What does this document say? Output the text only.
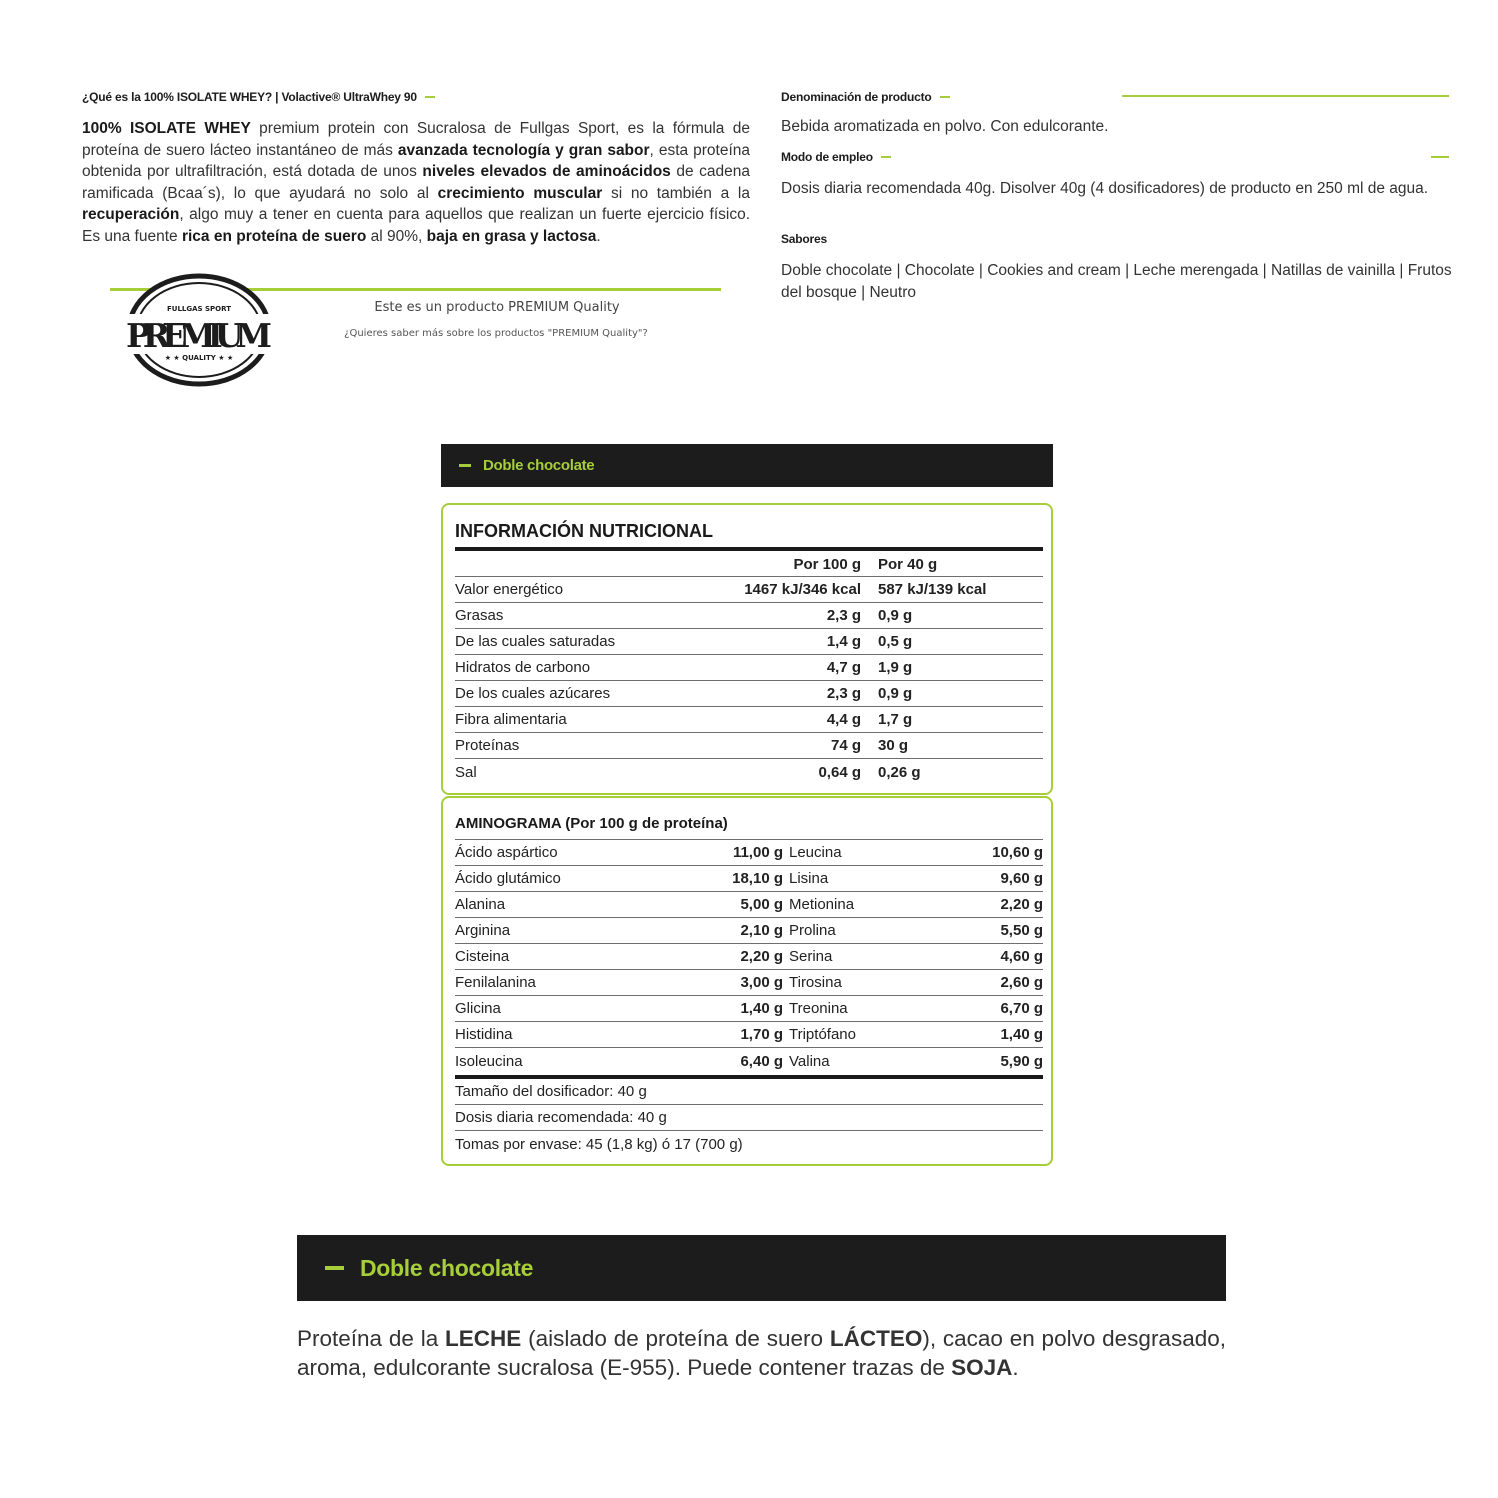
¿Qué es la 100% ISOLATE WHEY? | Volactive® UltraWhey 90
100% ISOLATE WHEY premium protein con Sucralosa de Fullgas Sport, es la fórmula de proteína de suero lácteo instantáneo de más avanzada tecnología y gran sabor, esta proteína obtenida por ultrafiltración, está dotada de unos niveles elevados de aminoácidos de cadena ramificada (Bcaa´s), lo que ayudará no solo al crecimiento muscular si no también a la recuperación, algo muy a tener en cuenta para aquellos que realizan un fuerte ejercicio físico. Es una fuente rica en proteína de suero al 90%, baja en grasa y lactosa.
FULLGAS SPORT
PREMIUM
★ ★ QUALITY ★ ★
Este es un producto PREMIUM Quality
¿Quieres saber más sobre los productos "PREMIUM Quality"?
Denominación de producto
Bebida aromatizada en polvo. Con edulcorante.
Modo de empleo
Dosis diaria recomendada 40g. Disolver 40g (4 dosificadores) de producto en 250 ml de agua.
Sabores
Doble chocolate | Chocolate | Cookies and cream | Leche merengada | Natillas de vainilla | Frutos del bosque | Neutro
Doble chocolate
INFORMACIÓN NUTRICIONAL
Por 100 g	Por 40 g
Valor energético	1467 kJ/346 kcal	587 kJ/139 kcal
Grasas	2,3 g	0,9 g
De las cuales saturadas	1,4 g	0,5 g
Hidratos de carbono	4,7 g	1,9 g
De los cuales azúcares	2,3 g	0,9 g
Fibra alimentaria	4,4 g	1,7 g
Proteínas	74 g	30 g
Sal	0,64 g	0,26 g
AMINOGRAMA (Por 100 g de proteína)
Ácido aspártico	11,00 g Leucina	10,60 g
Ácido glutámico	18,10 g Lisina	9,60 g
Alanina	5,00 g Metionina	2,20 g
Arginina	2,10 g Prolina	5,50 g
Cisteina	2,20 g Serina	4,60 g
Fenilalanina	3,00 g Tirosina	2,60 g
Glicina	1,40 g Treonina	6,70 g
Histidina	1,70 g Triptófano	1,40 g
Isoleucina	6,40 g Valina	5,90 g
Tamaño del dosificador: 40 g
Dosis diaria recomendada: 40 g
Tomas por envase: 45 (1,8 kg) ó 17 (700 g)
Doble chocolate
Proteína de la LECHE (aislado de proteína de suero LÁCTEO), cacao en polvo desgrasado, aroma, edulcorante sucralosa (E-955). Puede contener trazas de SOJA.
